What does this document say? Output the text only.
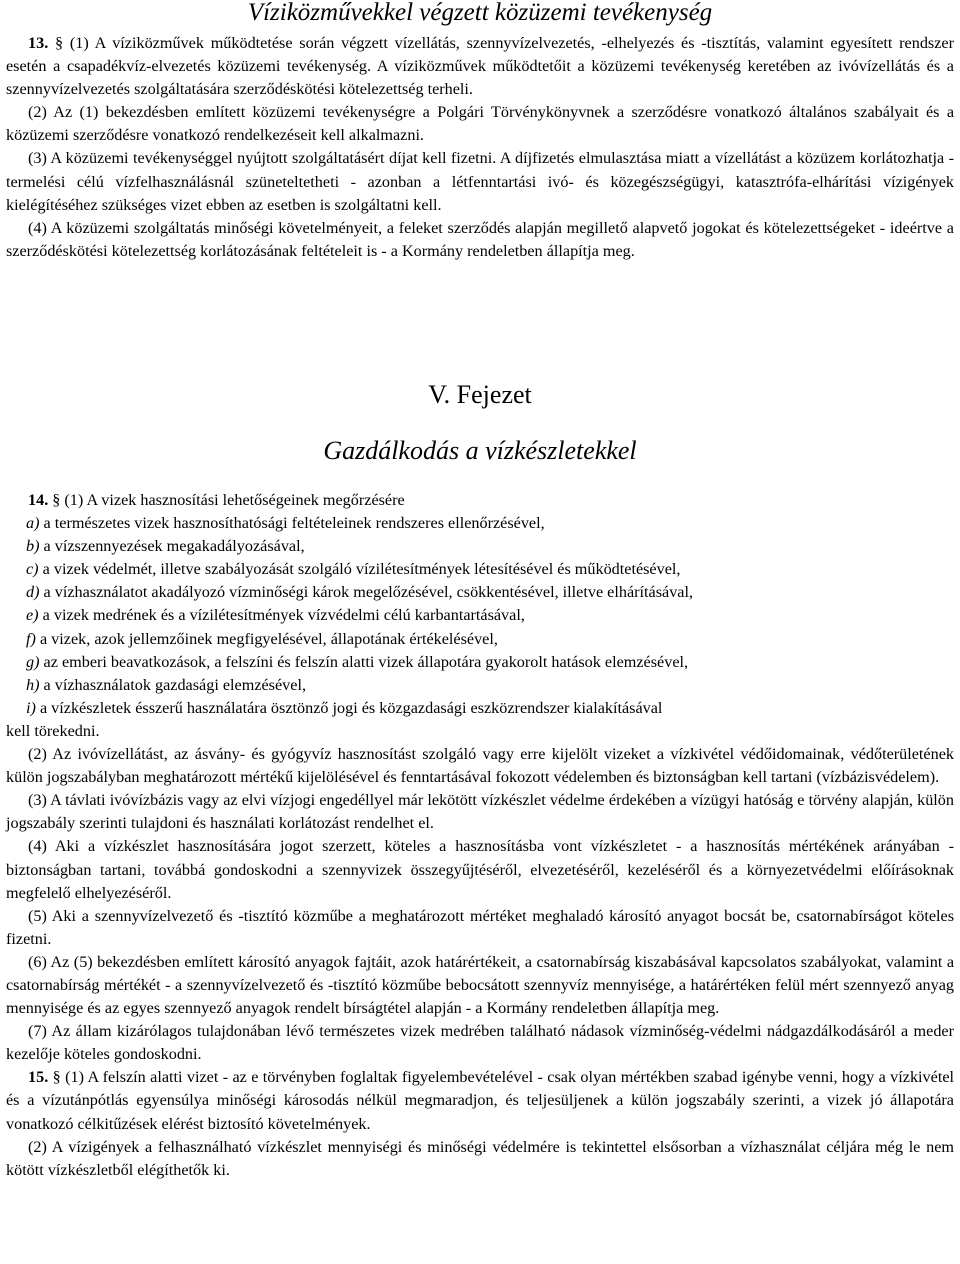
Víziközművekkel végzett közüzemi tevékenység

13. § (1) A víziközművek működtetése során végzett vízellátás, szennyvízelvezetés, -elhelyezés és -tisztítás, valamint egyesített rendszer esetén a csapadékvíz-elvezetés közüzemi tevékenység. A víziközművek működtetőit a közüzemi tevékenység keretében az ivóvízellátás és a szennyvízelvezetés szolgáltatására szerződéskötési kötelezettség terheli.

(2) Az (1) bekezdésben említett közüzemi tevékenységre a Polgári Törvénykönyvnek a szerződésre vonatkozó általános szabályait és a közüzemi szerződésre vonatkozó rendelkezéseit kell alkalmazni.

(3) A közüzemi tevékenységgel nyújtott szolgáltatásért díjat kell fizetni. A díjfizetés elmulasztása miatt a vízellátást a közüzem korlátozhatja - termelési célú vízfelhasználásnál szüneteltetheti - azonban a létfenntartási ivó- és közegészségügyi, katasztrófa-elhárítási vízigények kielégítéséhez szükséges vizet ebben az esetben is szolgáltatni kell.

(4) A közüzemi szolgáltatás minőségi követelményeit, a feleket szerződés alapján megillető alapvető jogokat és kötelezettségeket - ideértve a szerződéskötési kötelezettség korlátozásának feltételeit is - a Kormány rendeletben állapítja meg.

V. Fejezet
Gazdálkodás a vízkészletekkel

14. § (1) A vizek hasznosítási lehetőségeinek megőrzésére

a) a természetes vizek hasznosíthatósági feltételeinek rendszeres ellenőrzésével,

b) a vízszennyezések megakadályozásával,

c) a vizek védelmét, illetve szabályozását szolgáló vízilétesítmények létesítésével és működtetésével,

d) a vízhasználatot akadályozó vízminőségi károk megelőzésével, csökkentésével, illetve elhárításával,

e) a vizek medrének és a vízilétesítmények vízvédelmi célú karbantartásával,

f) a vizek, azok jellemzőinek megfigyelésével, állapotának értékelésével,

g) az emberi beavatkozások, a felszíni és felszín alatti vizek állapotára gyakorolt hatások elemzésével,

h) a vízhasználatok gazdasági elemzésével,

i) a vízkészletek ésszerű használatára ösztönző jogi és közgazdasági eszközrendszer kialakításával

kell törekedni.

(2) Az ivóvízellátást, az ásvány- és gyógyvíz hasznosítást szolgáló vagy erre kijelölt vizeket a vízkivétel védőidomainak, védőterületének külön jogszabályban meghatározott mértékű kijelölésével és fenntartásával fokozott védelemben és biztonságban kell tartani (vízbázisvédelem).

(3) A távlati ivóvízbázis vagy az elvi vízjogi engedéllyel már lekötött vízkészlet védelme érdekében a vízügyi hatóság e törvény alapján, külön jogszabály szerinti tulajdoni és használati korlátozást rendelhet el.

(4) Aki a vízkészlet hasznosítására jogot szerzett, köteles a hasznosításba vont vízkészletet - a hasznosítás mértékének arányában - biztonságban tartani, továbbá gondoskodni a szennyvizek összegyűjtéséről, elvezetéséről, kezeléséről és a környezetvédelmi előírásoknak megfelelő elhelyezéséről.

(5) Aki a szennyvízelvezető és -tisztító közműbe a meghatározott mértéket meghaladó károsító anyagot bocsát be, csatornabírságot köteles fizetni.

(6) Az (5) bekezdésben említett károsító anyagok fajtáit, azok határértékeit, a csatornabírság kiszabásával kapcsolatos szabályokat, valamint a csatornabírság mértékét - a szennyvízelvezető és -tisztító közműbe bebocsátott szennyvíz mennyisége, a határértéken felül mért szennyező anyag mennyisége és az egyes szennyező anyagok rendelt bírságtétel alapján - a Kormány rendeletben állapítja meg.

(7) Az állam kizárólagos tulajdonában lévő természetes vizek medrében található nádasok vízminőség-védelmi nádgazdálkodásáról a meder kezelője köteles gondoskodni.

15. § (1) A felszín alatti vizet - az e törvényben foglaltak figyelembevételével - csak olyan mértékben szabad igénybe venni, hogy a vízkivétel és a vízutánpótlás egyensúlya minőségi károsodás nélkül megmaradjon, és teljesüljenek a külön jogszabály szerinti, a vizek jó állapotára vonatkozó célkitűzések elérést biztosító követelmények.

(2) A vízigények a felhasználható vízkészlet mennyiségi és minőségi védelmére is tekintettel elsősorban a vízhasználat céljára még le nem kötött vízkészletből elégíthetők ki.
